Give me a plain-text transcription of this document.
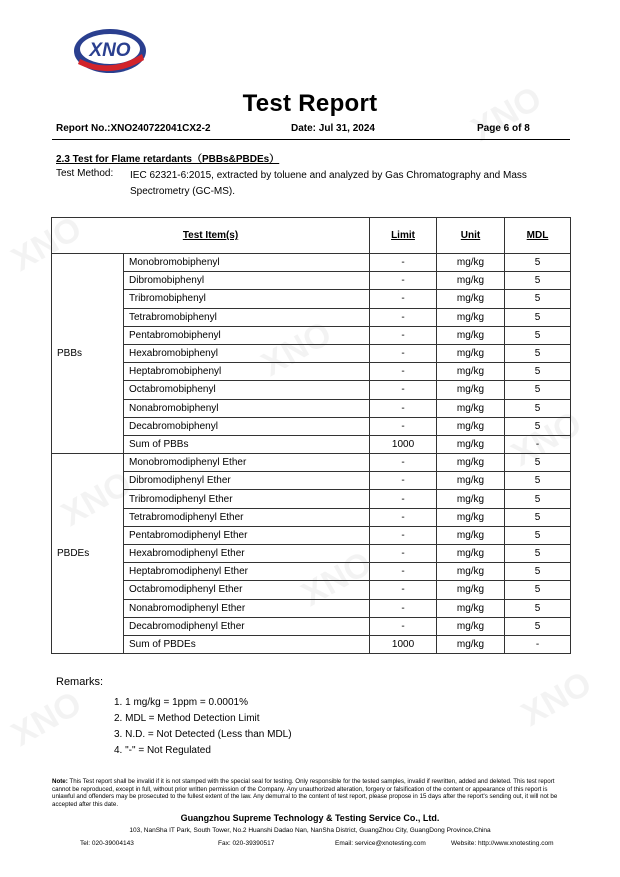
XNO
Test Report
Report No.:XNO240722041CX2-2	Date: Jul 31, 2024	Page 6 of 8
2.3 Test for Flame retardants（PBBs&PBDEs）
Test Method: IEC 62321-6:2015, extracted by toluene and analyzed by Gas Chromatography and Mass Spectrometry (GC-MS).
Test Item(s)		Limit	Unit	MDL
PBBs	Monobromobiphenyl	-	mg/kg	5
	Dibromobiphenyl	-	mg/kg	5
	Tribromobiphenyl	-	mg/kg	5
	Tetrabromobiphenyl	-	mg/kg	5
	Pentabromobiphenyl	-	mg/kg	5
	Hexabromobiphenyl	-	mg/kg	5
	Heptabromobiphenyl	-	mg/kg	5
	Octabromobiphenyl	-	mg/kg	5
	Nonabromobiphenyl	-	mg/kg	5
	Decabromobiphenyl	-	mg/kg	5
	Sum of PBBs	1000	mg/kg	-
PBDEs	Monobromodiphenyl Ether	-	mg/kg	5
	Dibromodiphenyl Ether	-	mg/kg	5
	Tribromodiphenyl Ether	-	mg/kg	5
	Tetrabromodiphenyl Ether	-	mg/kg	5
	Pentabromodiphenyl Ether	-	mg/kg	5
	Hexabromodiphenyl Ether	-	mg/kg	5
	Heptabromodiphenyl Ether	-	mg/kg	5
	Octabromodiphenyl Ether	-	mg/kg	5
	Nonabromodiphenyl Ether	-	mg/kg	5
	Decabromodiphenyl Ether	-	mg/kg	5
	Sum of PBDEs	1000	mg/kg	-
Remarks:
1. 1 mg/kg = 1ppm = 0.0001%
2. MDL = Method Detection Limit
3. N.D. = Not Detected (Less than MDL)
4. "-" = Not Regulated
Note: This Test report shall be invalid if it is not stamped with the special seal for testing. Only responsible for the tested samples, invalid if rewritten, added and deleted. This test report cannot be reproduced, except in full, without prior written permission of the Company. Any unauthorized alteration, forgery or falsification of the content or appearance of this report is unlawful and offenders may be prosecuted to the fullest extent of the law. Any demurral to the content of test report, please propose in 15 days after the report's sending out, it will not be accepted after this date.
Guangzhou Supreme Technology & Testing Service Co., Ltd.
103, NanSha IT Park, South Tower, No.2 Huanshi Dadao Nan, NanSha District, GuangZhou City, GuangDong Province,China
Tel: 020-39004143	Fax: 020-39390517	Email: service@xnotesting.com	Website: http://www.xnotesting.com
